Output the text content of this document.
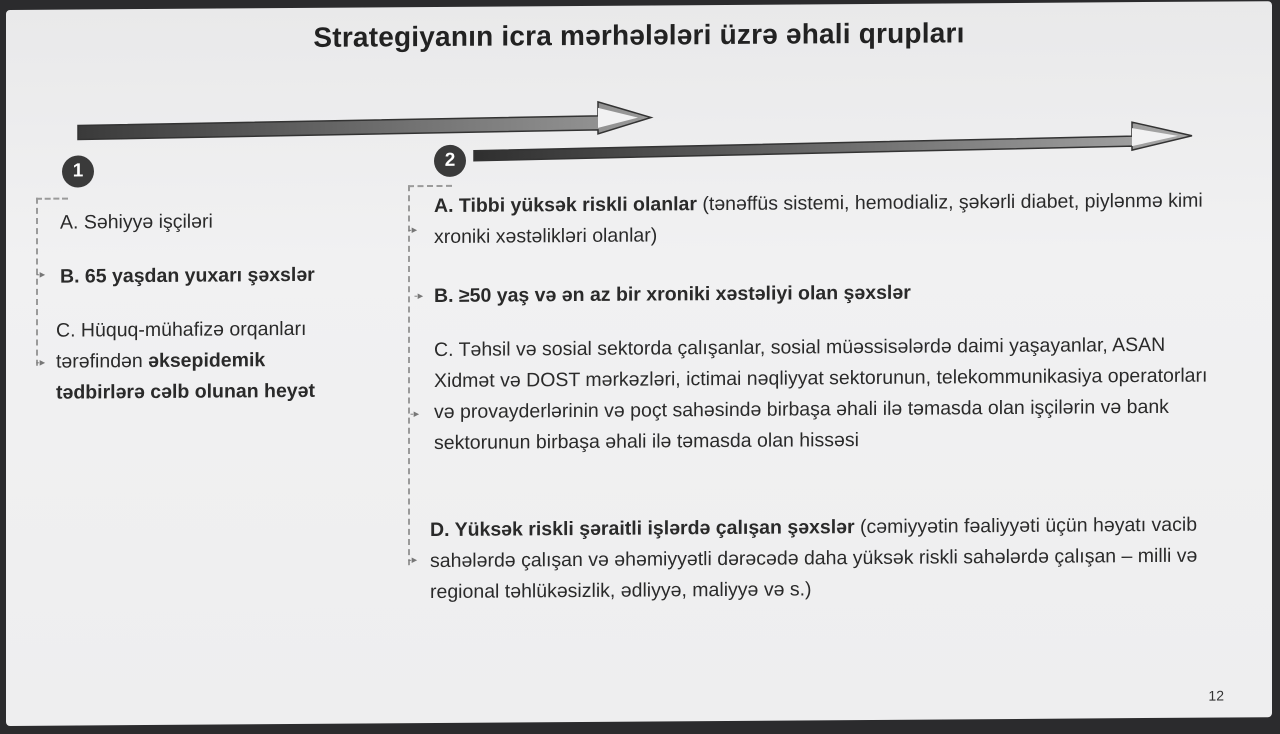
Strategiyanın icra mərhələləri üzrə əhali qrupları
1
2
‑▸
‑▸
A. Səhiyyə işçiləri
B. 65 yaşdan yuxarı şəxslər
C. Hüquq-mühafizə orqanları tərəfindən əksepidemik tədbirlərə cəlb olunan heyət
‑▸
‑▸
‑▸
‑▸
A. Tibbi yüksək riskli olanlar (tənəffüs sistemi, hemodializ, şəkərli diabet, piylənmə kimi xroniki xəstəlikləri olanlar)
B. ≥50 yaş və ən az bir xroniki xəstəliyi olan şəxslər
C. Təhsil və sosial sektorda çalışanlar, sosial müəssisələrdə daimi yaşayanlar, ASAN Xidmət və DOST mərkəzləri, ictimai nəqliyyat sektorunun, telekommunikasiya operatorları və provayderlərinin və poçt sahəsində birbaşa əhali ilə təmasda olan işçilərin və bank sektorunun birbaşa əhali ilə təmasda olan hissəsi
D. Yüksək riskli şəraitli işlərdə çalışan şəxslər (cəmiyyətin fəaliyyəti üçün həyatı vacib sahələrdə çalışan və əhəmiyyətli dərəcədə daha yüksək riskli sahələrdə çalışan – milli və regional təhlükəsizlik, ədliyyə, maliyyə və s.)
12
